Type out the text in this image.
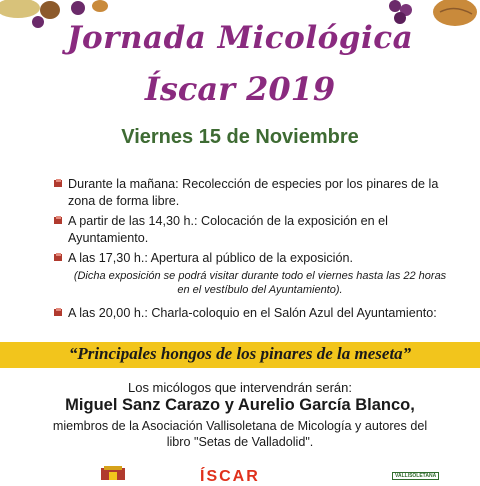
Jornada Micológica
Íscar 2019
Viernes 15 de Noviembre
Durante la mañana: Recolección de especies por los pinares de la zona de forma libre.
A partir de las 14,30 h.: Colocación de la exposición en el Ayuntamiento.
A las 17,30 h.: Apertura al público de la exposición.
(Dicha exposición se podrá visitar durante todo el viernes hasta las 22 horas en el vestíbulo del Ayuntamiento).
A las 20,00 h.: Charla-coloquio en el Salón Azul del Ayuntamiento:
“Principales hongos de los pinares de la meseta”
Los micólogos que intervendrán serán:
Miguel Sanz Carazo y Aurelio García Blanco,
miembros de la Asociación Vallisoletana de Micología y autores del libro "Setas de Valladolid".
ÍSCAR	VALLISOLETANA
